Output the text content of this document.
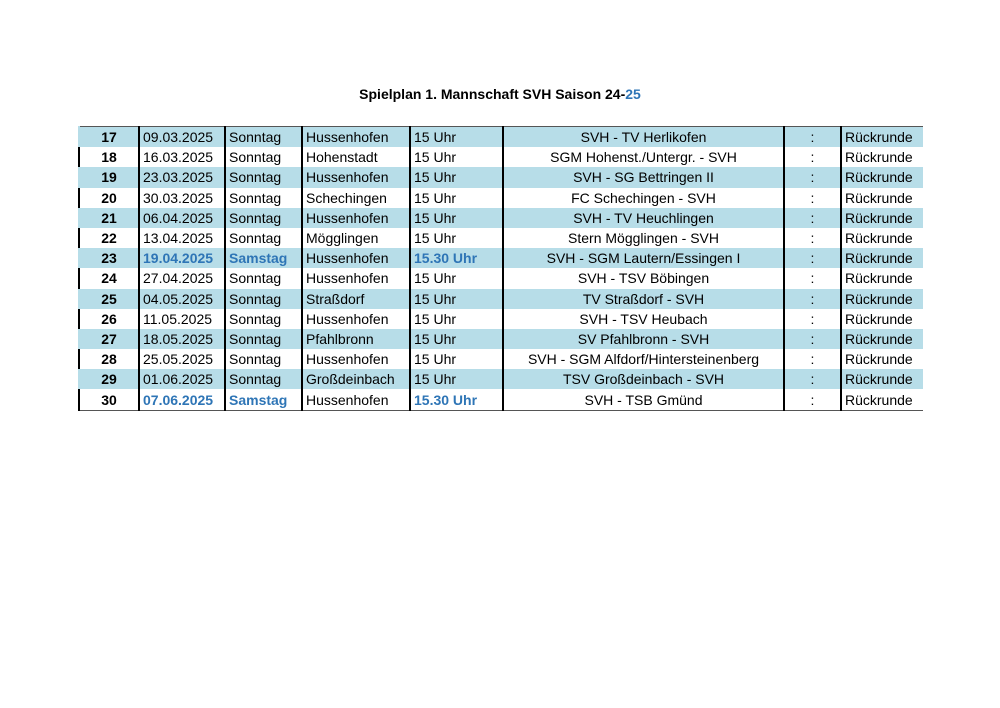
Spielplan 1. Mannschaft SVH Saison 24-25
17	09.03.2025	Sonntag	Hussenhofen	15 Uhr	SVH - TV Herlikofen	:	Rückrunde
18	16.03.2025	Sonntag	Hohenstadt	15 Uhr	SGM Hohenst./Untergr. - SVH	:	Rückrunde
19	23.03.2025	Sonntag	Hussenhofen	15 Uhr	SVH - SG Bettringen II	:	Rückrunde
20	30.03.2025	Sonntag	Schechingen	15 Uhr	FC Schechingen - SVH	:	Rückrunde
21	06.04.2025	Sonntag	Hussenhofen	15 Uhr	SVH - TV Heuchlingen	:	Rückrunde
22	13.04.2025	Sonntag	Mögglingen	15 Uhr	Stern Mögglingen - SVH	:	Rückrunde
23	19.04.2025	Samstag	Hussenhofen	15.30 Uhr	SVH - SGM Lautern/Essingen I	:	Rückrunde
24	27.04.2025	Sonntag	Hussenhofen	15 Uhr	SVH - TSV Böbingen	:	Rückrunde
25	04.05.2025	Sonntag	Straßdorf	15 Uhr	TV Straßdorf - SVH	:	Rückrunde
26	11.05.2025	Sonntag	Hussenhofen	15 Uhr	SVH - TSV Heubach	:	Rückrunde
27	18.05.2025	Sonntag	Pfahlbronn	15 Uhr	SV Pfahlbronn - SVH	:	Rückrunde
28	25.05.2025	Sonntag	Hussenhofen	15 Uhr	SVH - SGM Alfdorf/Hintersteinenberg	:	Rückrunde
29	01.06.2025	Sonntag	Großdeinbach	15 Uhr	TSV Großdeinbach - SVH	:	Rückrunde
30	07.06.2025	Samstag	Hussenhofen	15.30 Uhr	SVH - TSB Gmünd	:	Rückrunde
